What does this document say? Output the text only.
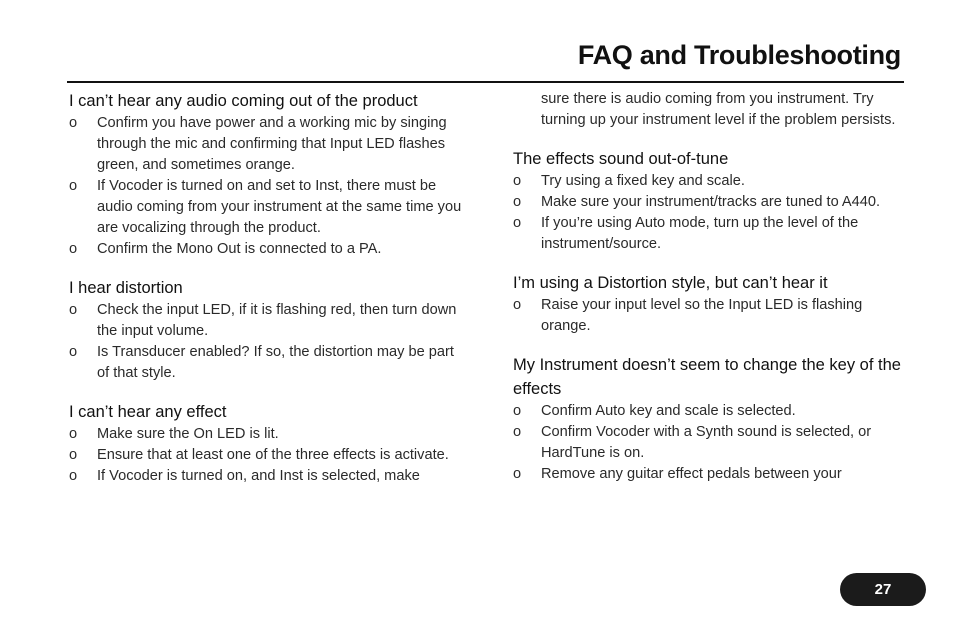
FAQ and Troubleshooting
I can’t hear any audio coming out of the product
o Confirm you have power and a working mic by singing through the mic and confirming that Input LED flashes green, and sometimes orange.
o If Vocoder is turned on and set to Inst, there must be audio coming from your instrument at the same time you are vocalizing through the product.
o Confirm the Mono Out is connected to a PA.
I hear distortion
o Check the input LED, if it is flashing red, then turn down the input volume.
o Is Transducer enabled? If so, the distortion may be part of that style.
I can’t hear any effect
o Make sure the On LED is lit.
o Ensure that at least one of the three effects is activate.
o If Vocoder is turned on, and Inst is selected, make

sure there is audio coming from you instrument. Try turning up your instrument level if the problem persists.

The effects sound out-of-tune
o Try using a fixed key and scale.
o Make sure your instrument/tracks are tuned to A440.
o If you’re using Auto mode, turn up the level of the instrument/source.
I’m using a Distortion style, but can’t hear it
o Raise your input level so the Input LED is flashing orange.
My Instrument doesn’t seem to change the key of the effects
o Confirm Auto key and scale is selected.
o Confirm Vocoder with a Synth sound is selected, or HardTune is on.
o Remove any guitar effect pedals between your
27
